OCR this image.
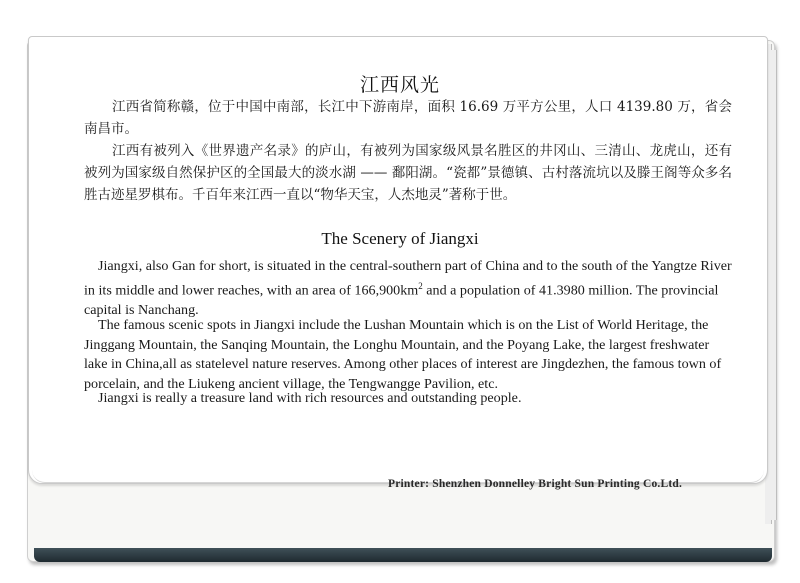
江西风光

江西省简称赣，位于中国中南部，长江中下游南岸，面积 16.69 万平方公里，人口 4139.80 万，省会南昌市。

江西有被列入《世界遗产名录》的庐山，有被列为国家级风景名胜区的井冈山、三清山、龙虎山，还有被列为国家级自然保护区的全国最大的淡水湖 —— 鄱阳湖。“瓷都”景德镇、古村落流坑以及滕王阁等众多名胜古迹星罗棋布。千百年来江西一直以“物华天宝，人杰地灵”著称于世。

The Scenery of Jiangxi

Jiangxi, also Gan for short, is situated in the central-southern part of China and to the south of the Yangtze River in its middle and lower reaches, with an area of $166,900km^2$ and a population of 41.3980 million. The provincial capital is Nanchang.

The famous scenic spots in Jiangxi include the Lushan Mountain which is on the List of World Heritage, the Jinggang Mountain, the Sanqing Mountain, the Longhu Mountain, and the Poyang Lake, the largest freshwater lake in China,all as statelevel nature reserves. Among other places of interest are Jingdezhen, the famous town of porcelain, and the Liukeng ancient village, the Tengwangge Pavilion, etc.

Jiangxi is really a treasure land with rich resources and outstanding people.

Printer: Shenzhen Donnelley Bright Sun Printing Co.Ltd.
